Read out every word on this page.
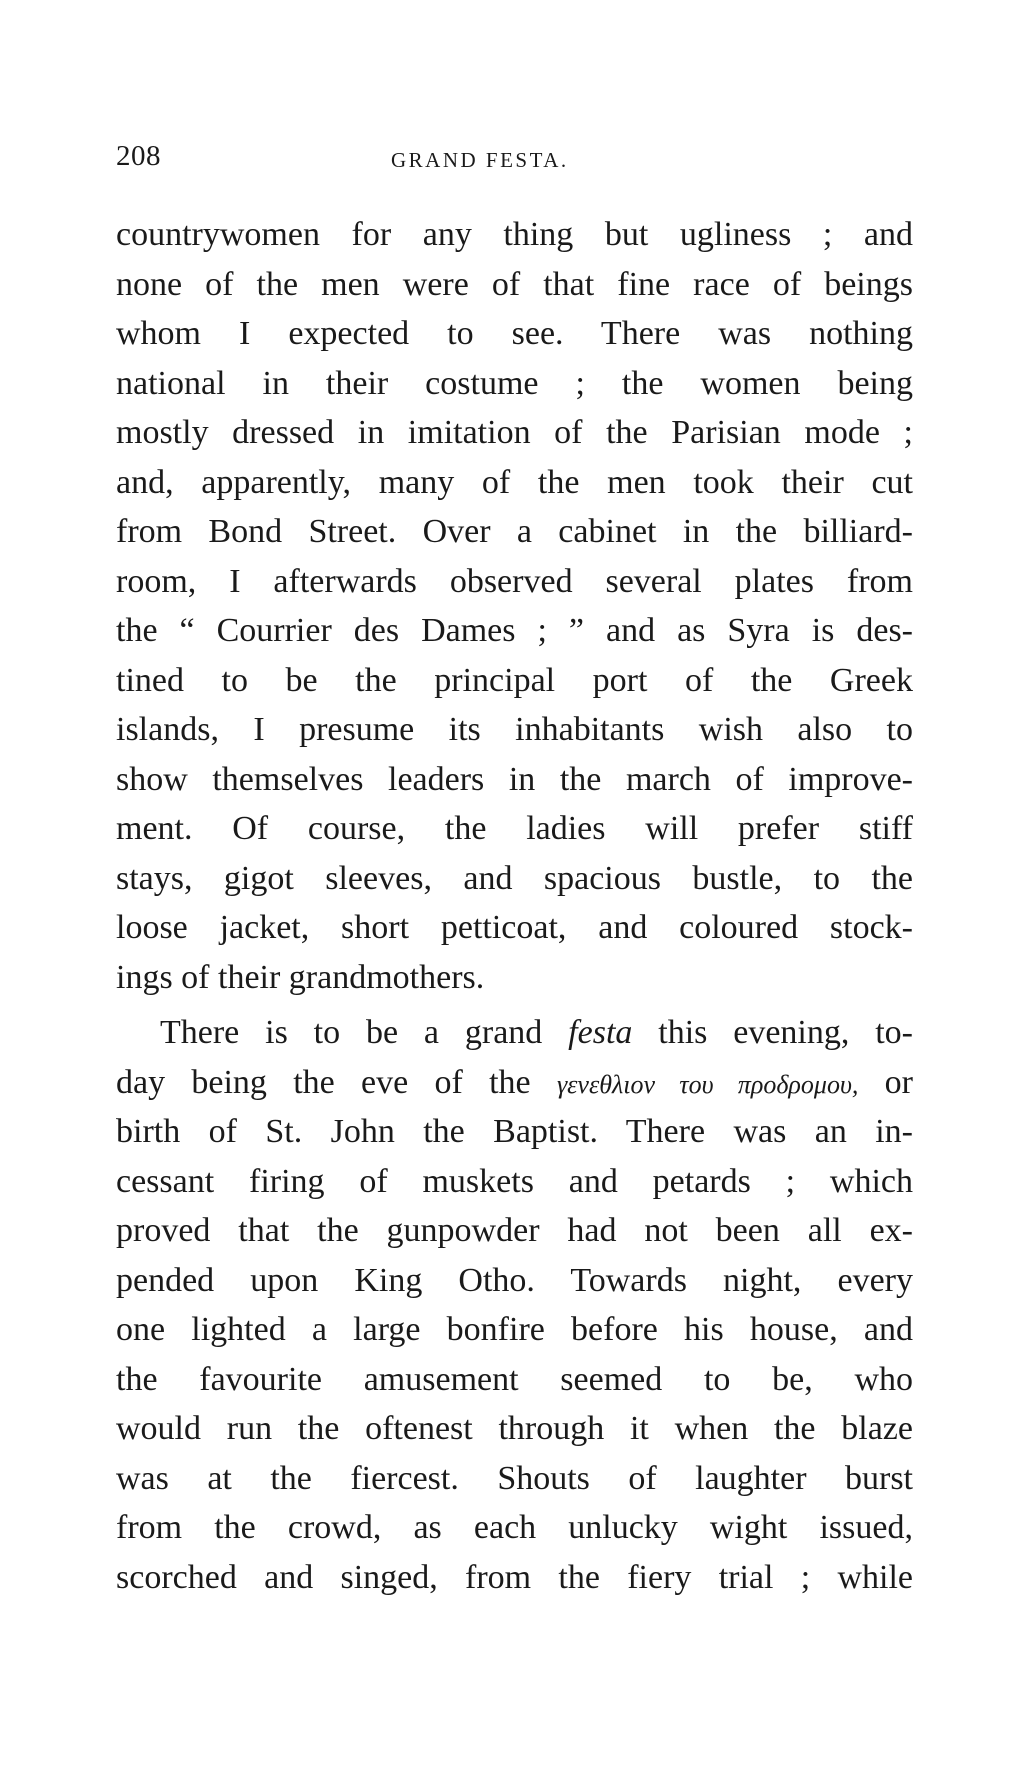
208	GRAND FESTA.
countrywomen for any thing but ugliness ; and
none of the men were of that fine race of beings
whom I expected to see. There was nothing
national in their costume ; the women being
mostly dressed in imitation of the Parisian mode ;
and, apparently, many of the men took their cut
from Bond Street. Over a cabinet in the billiard-
room, I afterwards observed several plates from
the “ Courrier des Dames ; ” and as Syra is des-
tined to be the principal port of the Greek
islands, I presume its inhabitants wish also to
show themselves leaders in the march of improve-
ment. Of course, the ladies will prefer stiff
stays, gigot sleeves, and spacious bustle, to the
loose jacket, short petticoat, and coloured stock-
ings of their grandmothers.
There is to be a grand festa this evening, to-
day being the eve of the γενεθλιον του προδρομου, or
birth of St. John the Baptist. There was an in-
cessant firing of muskets and petards ; which
proved that the gunpowder had not been all ex-
pended upon King Otho. Towards night, every
one lighted a large bonfire before his house, and
the favourite amusement seemed to be, who
would run the oftenest through it when the blaze
was at the fiercest. Shouts of laughter burst
from the crowd, as each unlucky wight issued,
scorched and singed, from the fiery trial ; while
